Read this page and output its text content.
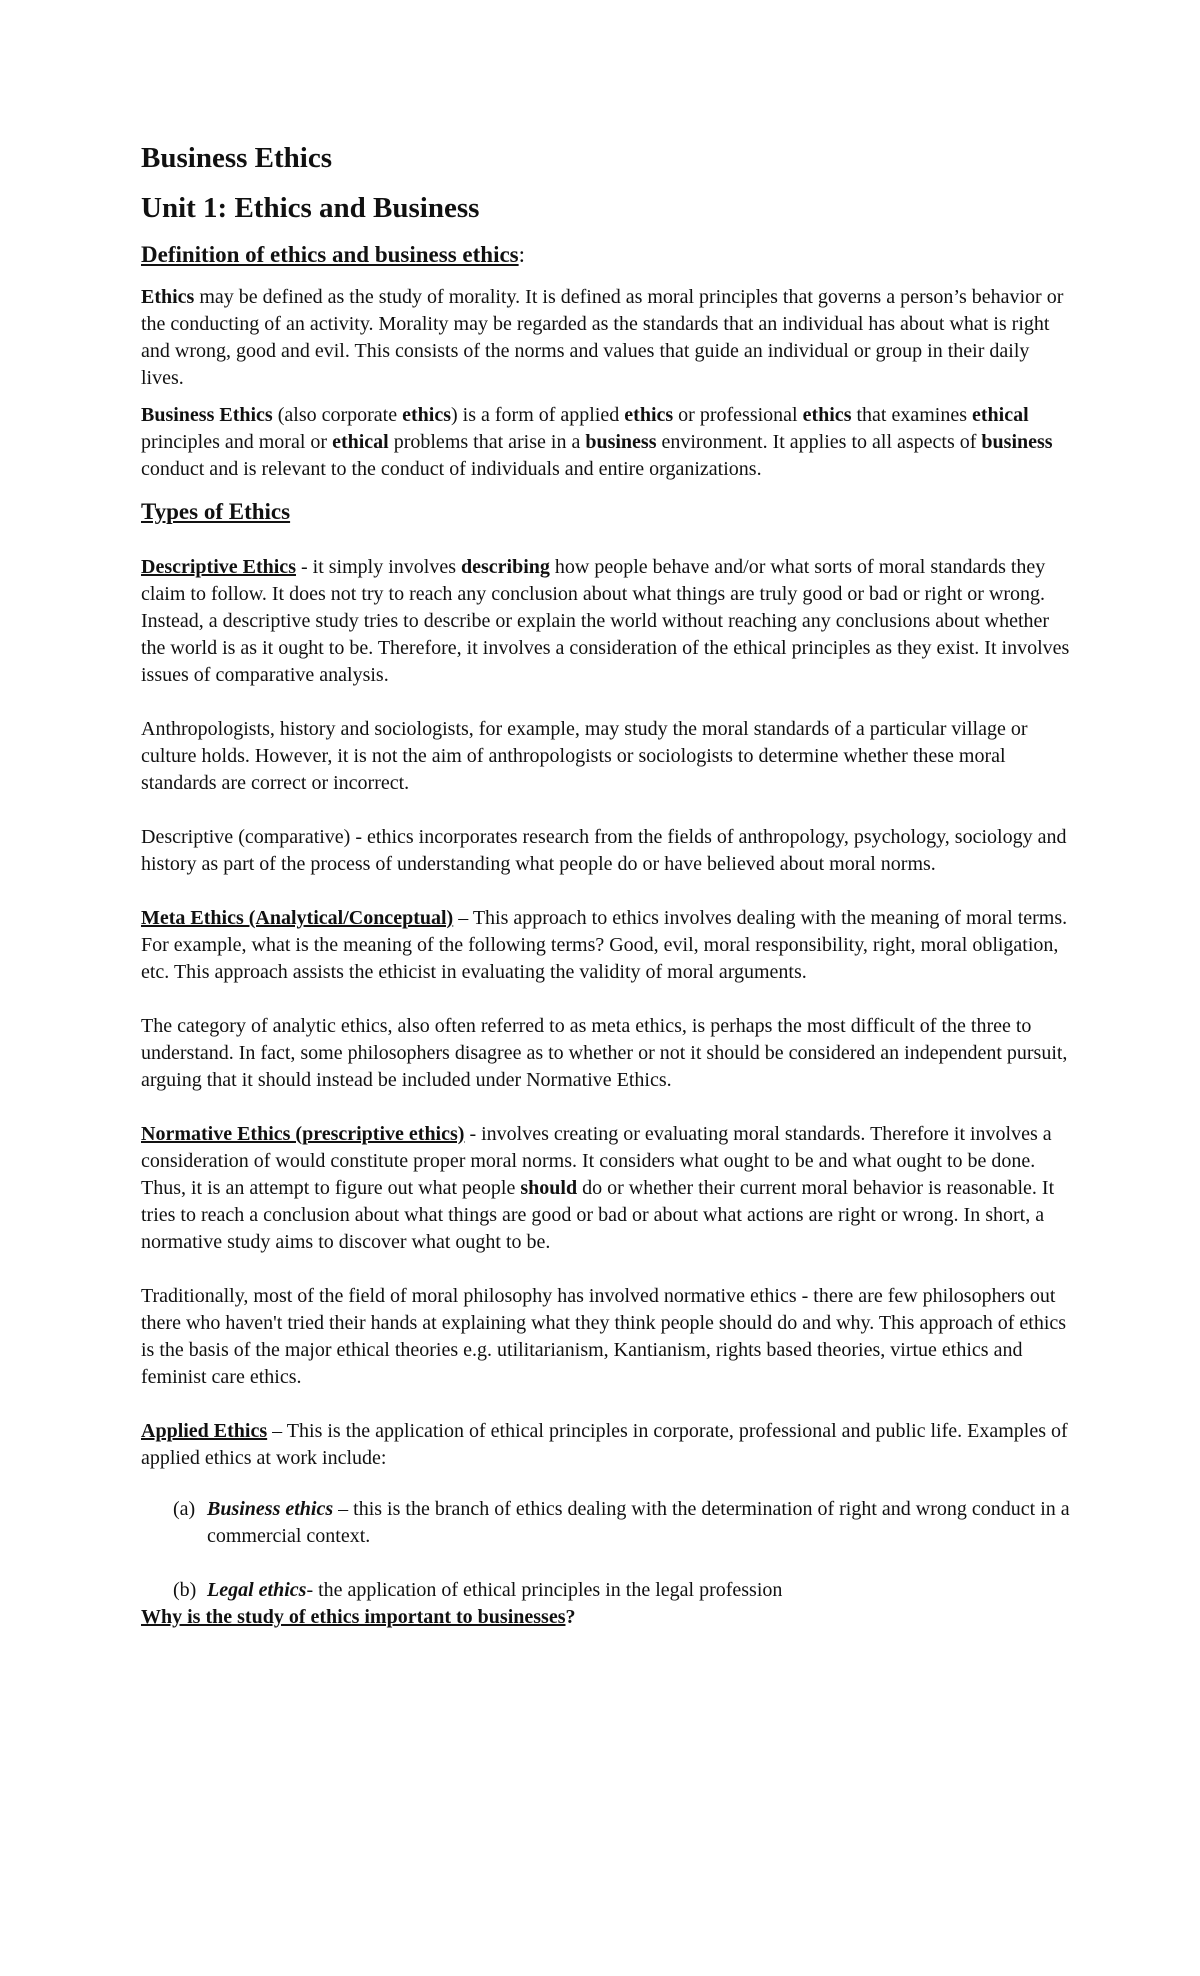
Business Ethics
Unit 1: Ethics and Business
Definition of ethics and business ethics:

Ethics may be defined as the study of morality. It is defined as moral principles that governs a person’s behavior or the conducting of an activity. Morality may be regarded as the standards that an individual has about what is right and wrong, good and evil. This consists of the norms and values that guide an individual or group in their daily lives.

Business Ethics (also corporate ethics) is a form of applied ethics or professional ethics that examines ethical principles and moral or ethical problems that arise in a business environment. It applies to all aspects of business conduct and is relevant to the conduct of individuals and entire organizations.

Types of Ethics

Descriptive Ethics - it simply involves describing how people behave and/or what sorts of moral standards they claim to follow. It does not try to reach any conclusion about what things are truly good or bad or right or wrong. Instead, a descriptive study tries to describe or explain the world without reaching any conclusions about whether the world is as it ought to be. Therefore, it involves a consideration of the ethical principles as they exist. It involves issues of comparative analysis.

Anthropologists, history and sociologists, for example, may study the moral standards of a particular village or culture holds. However, it is not the aim of anthropologists or sociologists to determine whether these moral standards are correct or incorrect.

Descriptive (comparative) - ethics incorporates research from the fields of anthropology, psychology, sociology and history as part of the process of understanding what people do or have believed about moral norms.

Meta Ethics (Analytical/Conceptual) – This approach to ethics involves dealing with the meaning of moral terms. For example, what is the meaning of the following terms? Good, evil, moral responsibility, right, moral obligation, etc. This approach assists the ethicist in evaluating the validity of moral arguments.

The category of analytic ethics, also often referred to as meta ethics, is perhaps the most difficult of the three to understand. In fact, some philosophers disagree as to whether or not it should be considered an independent pursuit, arguing that it should instead be included under Normative Ethics.

Normative Ethics (prescriptive ethics) - involves creating or evaluating moral standards. Therefore it involves a consideration of would constitute proper moral norms. It considers what ought to be and what ought to be done. Thus, it is an attempt to figure out what people should do or whether their current moral behavior is reasonable. It tries to reach a conclusion about what things are good or bad or about what actions are right or wrong. In short, a normative study aims to discover what ought to be.

Traditionally, most of the field of moral philosophy has involved normative ethics - there are few philosophers out there who haven't tried their hands at explaining what they think people should do and why. This approach of ethics is the basis of the major ethical theories e.g. utilitarianism, Kantianism, rights based theories, virtue ethics and feminist care ethics.

Applied Ethics – This is the application of ethical principles in corporate, professional and public life. Examples of applied ethics at work include:

(a) Business ethics – this is the branch of ethics dealing with the determination of right and wrong conduct in a commercial context.
(b) Legal ethics- the application of ethical principles in the legal profession

Why is the study of ethics important to businesses?
